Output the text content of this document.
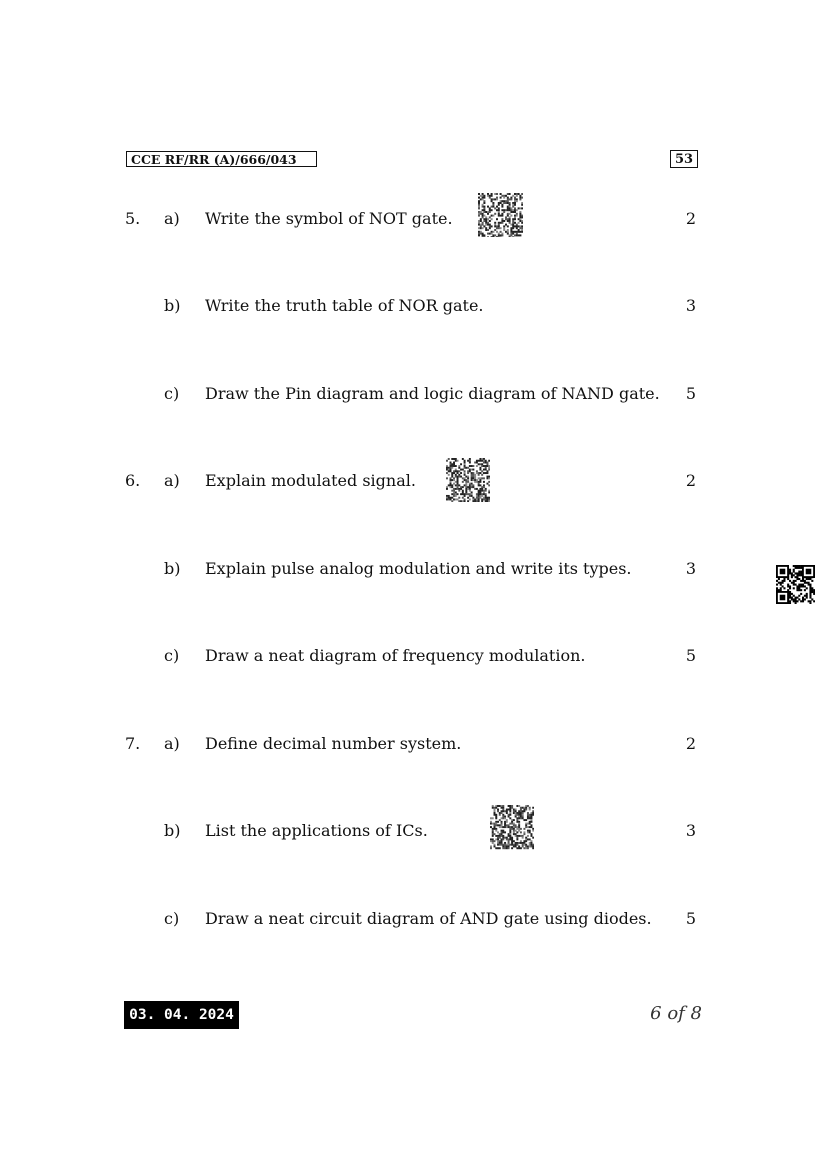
CCE RF/RR (A)/666/043	53
5. a) Write the symbol of NOT gate.	2
b) Write the truth table of NOR gate.	3
c) Draw the Pin diagram and logic diagram of NAND gate. 5
6. a) Explain modulated signal.	2
b) Explain pulse analog modulation and write its types.	3
c) Draw a neat diagram of frequency modulation.	5
7. a) Define decimal number system.	2
b) List the applications of ICs.	3
c) Draw a neat circuit diagram of AND gate using diodes. 5
03. 04. 2024	6 of 8
